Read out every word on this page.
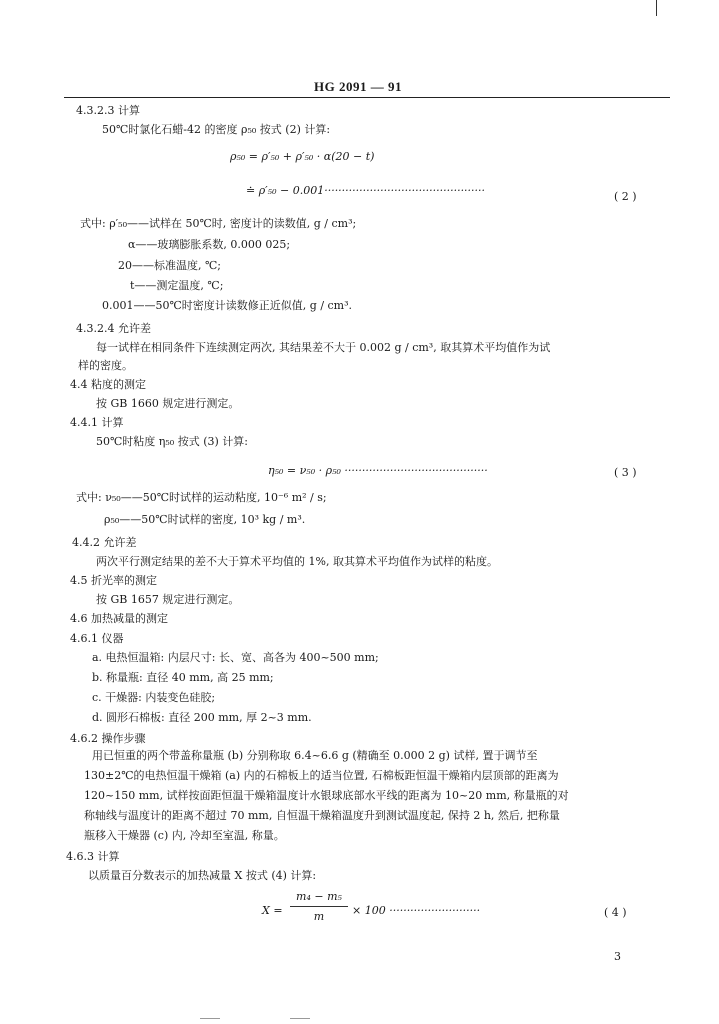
HG 2091 — 91
4.3.2.3 计算
50℃时氯化石蜡-42 的密度 ρ₅₀ 按式 (2) 计算:
ρ₅₀ = ρ′₅₀ + ρ′₅₀ · α(20 − t)
≐ ρ′₅₀ − 0.001··············································	( 2 )
式中: ρ′₅₀——试样在 50℃时, 密度计的读数值, g / cm³;
α——玻璃膨胀系数, 0.000 025;
20——标准温度, ℃;
t——测定温度, ℃;
0.001——50℃时密度计读数修正近似值, g / cm³.
4.3.2.4 允许差
每一试样在相同条件下连续测定两次, 其结果差不大于 0.002 g / cm³, 取其算术平均值作为试
样的密度。
4.4 粘度的测定
按 GB 1660 规定进行测定。
4.4.1 计算
50℃时粘度 η₅₀ 按式 (3) 计算:
η₅₀ = ν₅₀ · ρ₅₀ ·········································	( 3 )
式中: ν₅₀——50℃时试样的运动粘度, 10⁻⁶ m² / s;
ρ₅₀——50℃时试样的密度, 10³ kg / m³.
4.4.2 允许差
两次平行测定结果的差不大于算术平均值的 1%, 取其算术平均值作为试样的粘度。
4.5 折光率的测定
按 GB 1657 规定进行测定。
4.6 加热减量的测定
4.6.1 仪器
a. 电热恒温箱: 内层尺寸: 长、宽、高各为 400~500 mm;
b. 称量瓶: 直径 40 mm, 高 25 mm;
c. 干燥器: 内装变色硅胶;
d. 圆形石棉板: 直径 200 mm, 厚 2~3 mm.
4.6.2 操作步骤
用已恒重的两个带盖称量瓶 (b) 分别称取 6.4~6.6 g (精确至 0.000 2 g) 试样, 置于调节至
130±2℃的电热恒温干燥箱 (a) 内的石棉板上的适当位置, 石棉板距恒温干燥箱内层顶部的距离为
120~150 mm, 试样按面距恒温干燥箱温度计水银球底部水平线的距离为 10~20 mm, 称量瓶的对
称轴线与温度计的距离不超过 70 mm, 自恒温干燥箱温度升到测试温度起, 保持 2 h, 然后, 把称量
瓶移入干燥器 (c) 内, 冷却至室温, 称量。
4.6.3 计算
以质量百分数表示的加热减量 X 按式 (4) 计算:
X =
m₄ − m₅
m	× 100 ··························	( 4 )
X = (m₄ − m₅) / m × 100 ··························
3
